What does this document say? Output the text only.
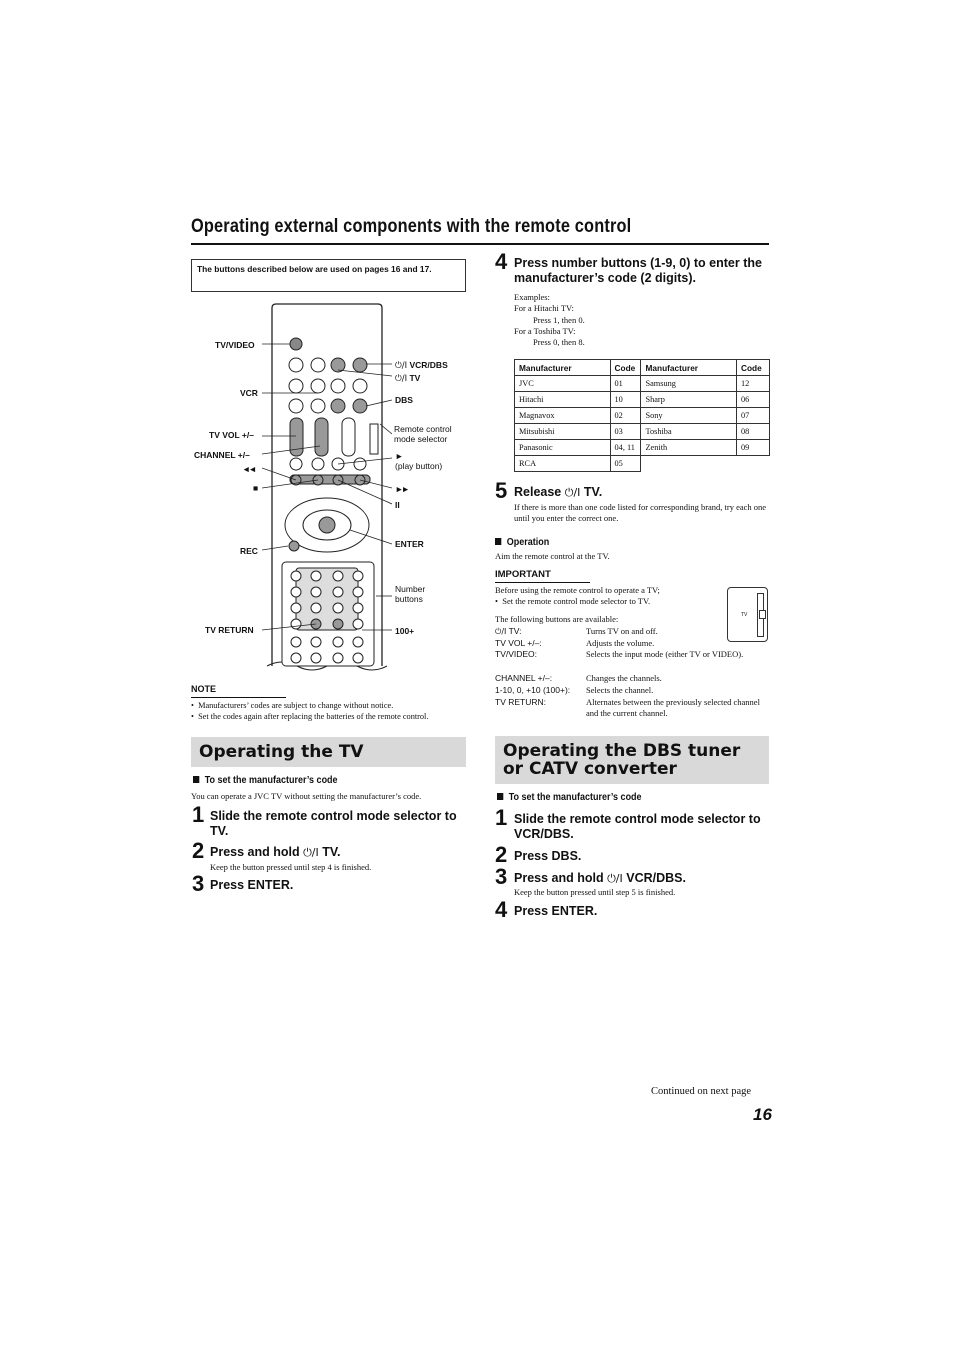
Operating external components with the remote control
The buttons described below are used on pages 16 and 17.
TV/VIDEO
VCR
TV VOL +/–
CHANNEL +/–
◄◄
■
REC
TV RETURN
⏻/I VCR/DBS
⏻/I TV
DBS
Remote control mode selector
►
(play button)
►►
II
ENTER
Number buttons
100+
NOTE
•  Manufacturers’ codes are subject to change without notice.
•  Set the codes again after replacing the batteries of the remote control.
Operating the TV
To set the manufacturer’s code
You can operate a JVC TV without setting the manufacturer’s code.
1 Slide the remote control mode selector to TV.
2 Press and hold ⏻/I TV.
Keep the button pressed until step 4 is finished.
3 Press ENTER.
4 Press number buttons (1-9, 0) to enter the manufacturer’s code (2 digits).
Examples:
For a Hitachi TV:
Press 1, then 0.
For a Toshiba TV:
Press 0, then 8.
Manufacturer	Code	Manufacturer	Code
JVC	01	Samsung	12
Hitachi	10	Sharp	06
Magnavox	02	Sony	07
Mitsubishi	03	Toshiba	08
Panasonic	04, 11	Zenith	09
RCA	05		
5 Release ⏻/I TV.
If there is more than one code listed for corresponding brand, try each one until you enter the correct one.
Operation
Aim the remote control at the TV.
IMPORTANT
Before using the remote control to operate a TV;
•  Set the remote control mode selector to TV.
TV
The following buttons are available:
⏻/I TV:	Turns TV on and off.
TV VOL +/–:	Adjusts the volume.
TV/VIDEO:	Selects the input mode (either TV or VIDEO).
CHANNEL +/–:	Changes the channels.
1-10, 0, +10 (100+): Selects the channel.
TV RETURN:	Alternates between the previously selected channel and the current channel.
Operating the DBS tuner or CATV converter
To set the manufacturer’s code
1 Slide the remote control mode selector to VCR/DBS.
2 Press DBS.
3 Press and hold ⏻/I VCR/DBS.
Keep the button pressed until step 5 is finished.
4 Press ENTER.
Continued on next page
16
